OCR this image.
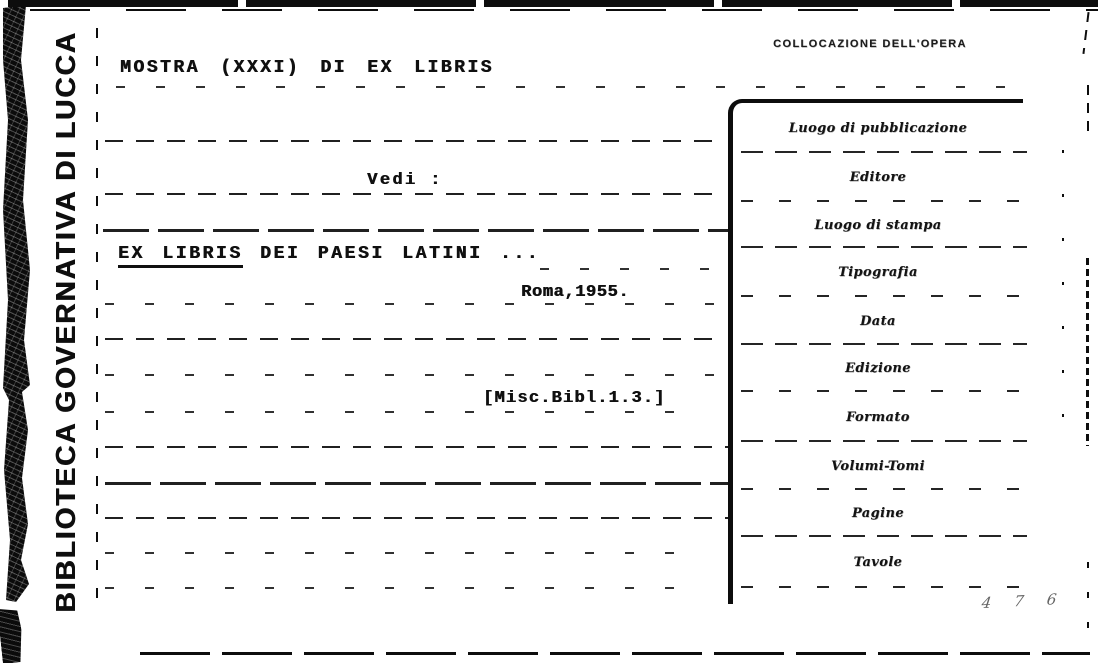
BIBLIOTECA GOVERNATIVA DI LUCCA MOSTRA (XXXI) DI EX LIBRIS
Vedi :
EX LIBRIS DEI PAESI LATINI ...
Roma,1955.
[Misc.Bibl.1.3.]
COLLOCAZIONE DELL'OPERA
Luogo di pubblicazione
Editore
Luogo di stampa
Tipografia
Data
Edizione
Formato
Volumi-Tomi
Pagine
Tavole
4 7 6
